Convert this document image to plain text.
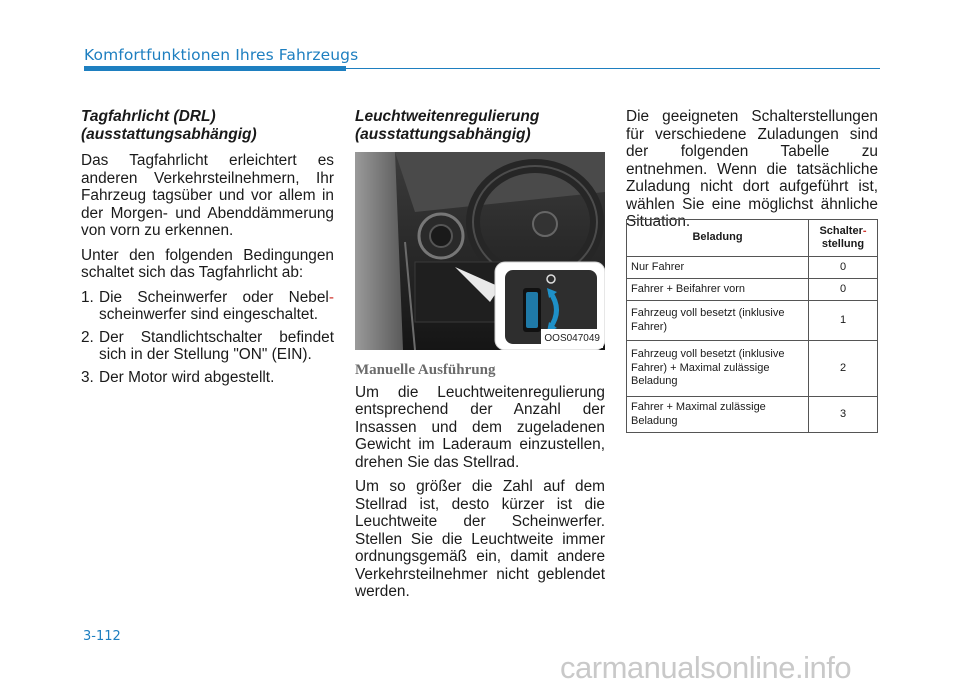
Komfortfunktionen Ihres Fahrzeugs
Tagfahrlicht (DRL)
(ausstattungsabhängig)

Das Tagfahrlicht erleichtert es anderen Verkehrsteilnehmern, Ihr Fahrzeug tagsüber und vor allem in der Morgen- und Abenddämmerung von vorn zu erkennen.

Unter den folgenden Bedingungen schaltet sich das Tagfahrlicht ab:

1. Die Scheinwerfer oder Nebel- scheinwerfer sind eingeschaltet.
2. Der Standlichtschalter befindet sich in der Stellung "ON" (EIN).
3. Der Motor wird abgestellt.
Leuchtweitenregulierung
(ausstattungsabhängig)
OOS047049
Manuelle Ausführung

Um die Leuchtweitenregulierung entsprechend der Anzahl der Insassen und dem zugeladenen Gewicht im Laderaum einzustellen, drehen Sie das Stellrad.

Um so größer die Zahl auf dem Stellrad ist, desto kürzer ist die Leuchtweite der Scheinwerfer. Stellen Sie die Leuchtweite immer ordnungsgemäß ein, damit andere Verkehrsteilnehmer nicht geblendet werden.

Die geeigneten Schalterstellungen für verschiedene Zuladungen sind der folgenden Tabelle zu entnehmen. Wenn die tatsächliche Zuladung nicht dort aufgeführt ist, wählen Sie eine möglichst ähnliche Situation.

Beladung	Schalter-
stellung
Nur Fahrer	0
Fahrer + Beifahrer vorn	0
Fahrzeug voll besetzt (inklusive Fahrer)	1
Fahrzeug voll besetzt (inklusive Fahrer) + Maximal zulässige Beladung	2
Fahrer + Maximal zulässige Beladung	3
3-112
carmanualsonline.info
